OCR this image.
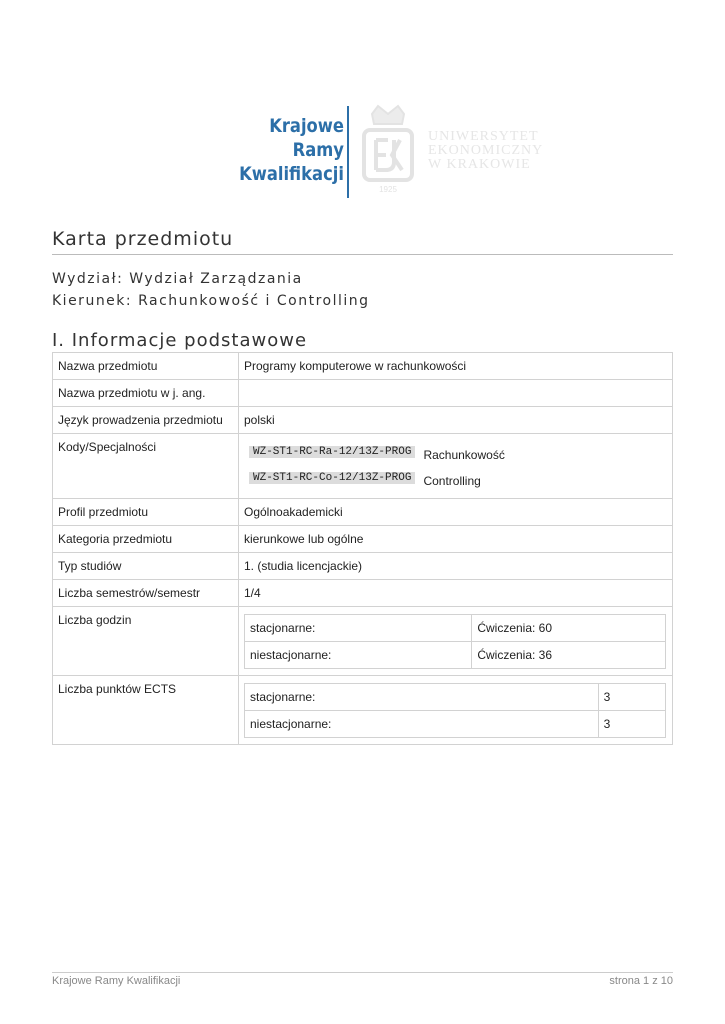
Krajowe
Ramy
Kwalifikacji
1925
UNIWERSYTET
EKONOMICZNY
W KRAKOWIE
Karta przedmiotu
Wydział: Wydział Zarządzania
Kierunek: Rachunkowość i Controlling
I. Informacje podstawowe
Nazwa przedmiotu	Programy komputerowe w rachunkowości
Nazwa przedmiotu w j. ang.	
Język prowadzenia przedmiotu	polski
Kody/Specjalności	WZ-ST1-RC-Ra-12/13Z-PROG	Rachunkowość
WZ-ST1-RC-Co-12/13Z-PROG	Controlling

Profil przedmiotu	Ogólnoakademicki
Kategoria przedmiotu	kierunkowe lub ogólne
Typ studiów	1. (studia licencjackie)
Liczba semestrów/semestr	1/4
Liczba godzin	
stacjonarne:	Ćwiczenia: 60
niestacjonarne:	Ćwiczenia: 36

Liczba punktów ECTS	
stacjonarne:	3
niestacjonarne:	3
Krajowe Ramy Kwalifikacji	strona 1 z 10
